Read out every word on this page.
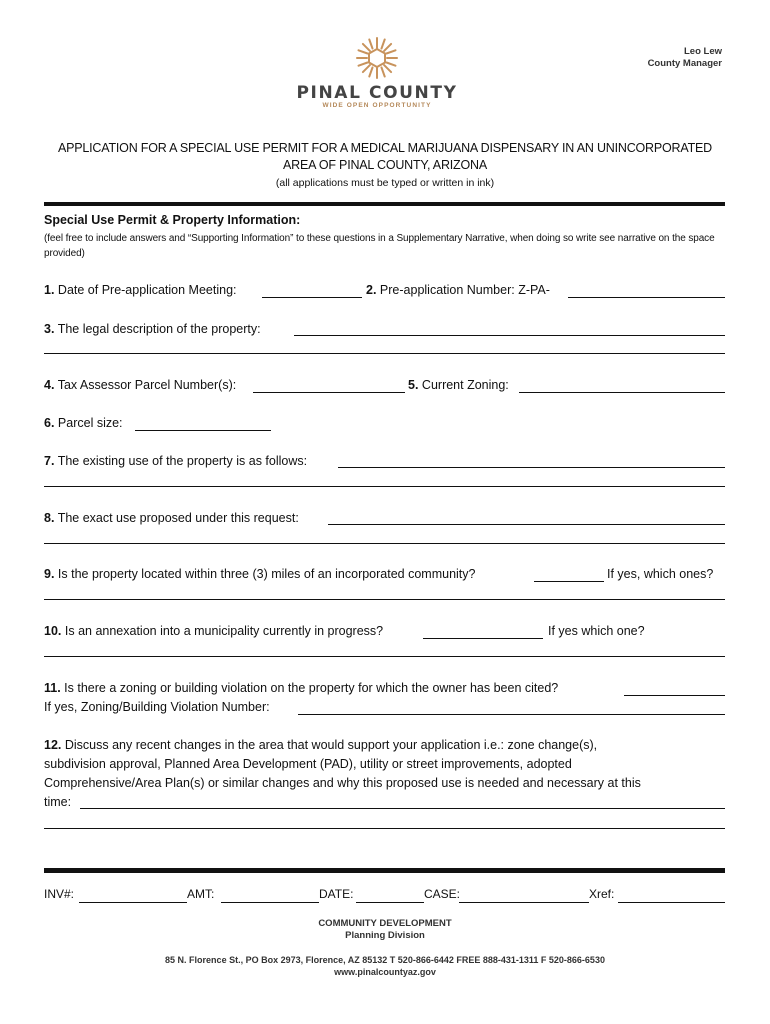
PINAL COUNTY
WIDE OPEN OPPORTUNITY
Leo Lew
County Manager
APPLICATION FOR A SPECIAL USE PERMIT FOR A MEDICAL MARIJUANA DISPENSARY IN AN UNINCORPORATED
AREA OF PINAL COUNTY, ARIZONA
(all applications must be typed or written in ink)
Special Use Permit & Property Information:
(feel free to include answers and “Supporting Information” to these questions in a Supplementary Narrative, when doing so write see narrative on the space provided)
1. Date of Pre-application Meeting:	2. Pre-application Number: Z-PA-
3. The legal description of the property:
4. Tax Assessor Parcel Number(s):	5. Current Zoning:
6. Parcel size:
7. The existing use of the property is as follows:
8. The exact use proposed under this request:
9. Is the property located within three (3) miles of an incorporated community?	If yes, which ones?
10. Is an annexation into a municipality currently in progress?	If yes which one?
11. Is there a zoning or building violation on the property for which the owner has been cited?
If yes, Zoning/Building Violation Number:
12. Discuss any recent changes in the area that would support your application i.e.: zone change(s),
subdivision approval, Planned Area Development (PAD), utility or street improvements, adopted
Comprehensive/Area Plan(s) or similar changes and why this proposed use is needed and necessary at this
time:
INV#:	AMT:	DATE:	CASE:	Xref:
COMMUNITY DEVELOPMENT
Planning Division
85 N. Florence St., PO Box 2973, Florence, AZ 85132 T 520-866-6442 FREE 888-431-1311 F 520-866-6530
www.pinalcountyaz.gov
